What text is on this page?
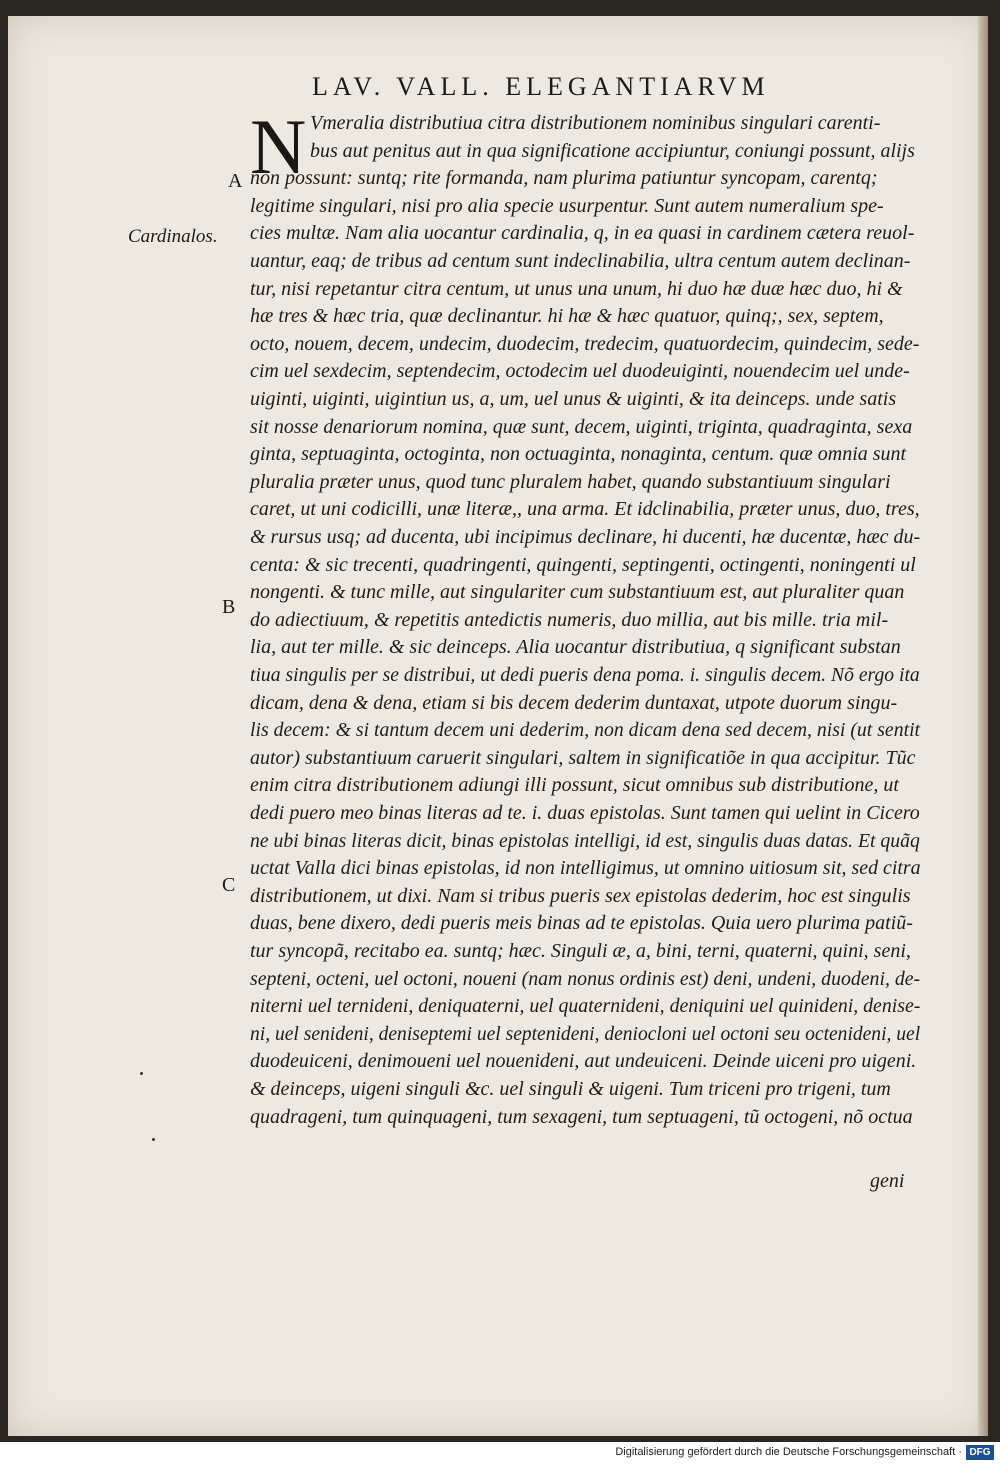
LAV. VALL. ELEGANTIARVM
N
A
Cardinalos.
B
C
Vmeralia distributiua citra distributionem nominibus singulari carenti-
bus aut penitus aut in qua significatione accipiuntur, coniungi possunt, alijs
non possunt: suntq; rite formanda, nam plurima patiuntur syncopam, carentq;
legitime singulari, nisi pro alia specie usurpentur. Sunt autem numeralium spe-
cies multæ. Nam alia uocantur cardinalia, q, in ea quasi in cardinem cætera reuol-
uantur, eaq; de tribus ad centum sunt indeclinabilia, ultra centum autem declinan-
tur, nisi repetantur citra centum, ut unus una unum, hi duo hæ duæ hæc duo, hi &
hæ tres & hæc tria, quæ declinantur. hi hæ & hæc quatuor, quinq;, sex, septem,
octo, nouem, decem, undecim, duodecim, tredecim, quatuordecim, quindecim, sede-
cim uel sexdecim, septendecim, octodecim uel duodeuiginti, nouendecim uel unde-
uiginti, uiginti, uigintiun us, a, um, uel unus & uiginti, & ita deinceps. unde satis
sit nosse denariorum nomina, quæ sunt, decem, uiginti, triginta, quadraginta, sexa
ginta, septuaginta, octoginta, non octuaginta, nonaginta, centum. quæ omnia sunt
pluralia præter unus, quod tunc pluralem habet, quando substantiuum singulari
caret, ut uni codicilli, unæ literæ,, una arma. Et idclinabilia, præter unus, duo, tres,
& rursus usq; ad ducenta, ubi incipimus declinare, hi ducenti, hæ ducentæ, hæc du-
centa: & sic trecenti, quadringenti, quingenti, septingenti, octingenti, noningenti ul
nongenti. & tunc mille, aut singulariter cum substantiuum est, aut pluraliter quan
do adiectiuum, & repetitis antedictis numeris, duo millia, aut bis mille. tria mil-
lia, aut ter mille. & sic deinceps. Alia uocantur distributiua, q significant substan
tiua singulis per se distribui, ut dedi pueris dena poma. i. singulis decem. Nõ ergo ita
dicam, dena & dena, etiam si bis decem dederim duntaxat, utpote duorum singu-
lis decem: & si tantum decem uni dederim, non dicam dena sed decem, nisi (ut sentit
autor) substantiuum caruerit singulari, saltem in significatiõe in qua accipitur. Tũc
enim citra distributionem adiungi illi possunt, sicut omnibus sub distributione, ut
dedi puero meo binas literas ad te. i. duas epistolas. Sunt tamen qui uelint in Cicero
ne ubi binas literas dicit, binas epistolas intelligi, id est, singulis duas datas. Et quãq
uctat Valla dici binas epistolas, id non intelligimus, ut omnino uitiosum sit, sed citra
distributionem, ut dixi. Nam si tribus pueris sex epistolas dederim, hoc est singulis
duas, bene dixero, dedi pueris meis binas ad te epistolas. Quia uero plurima patiũ-
tur syncopã, recitabo ea. suntq; hæc. Singuli æ, a, bini, terni, quaterni, quini, seni,
septeni, octeni, uel octoni, noueni (nam nonus ordinis est) deni, undeni, duodeni, de-
niterni uel ternideni, deniquaterni, uel quaternideni, deniquini uel quinideni, denise-
ni, uel senideni, deniseptemi uel septenideni, deniocloni uel octoni seu octenideni, uel
duodeuiceni, denimoueni uel nouenideni, aut undeuiceni. Deinde uiceni pro uigeni.
& deinceps, uigeni singuli &c. uel singuli & uigeni. Tum triceni pro trigeni, tum
quadrageni, tum quinquageni, tum sexageni, tum septuageni, tũ octogeni, nõ octua
geni
Digitalisierung gefördert durch die Deutsche Forschungsgemeinschaft · DFG
